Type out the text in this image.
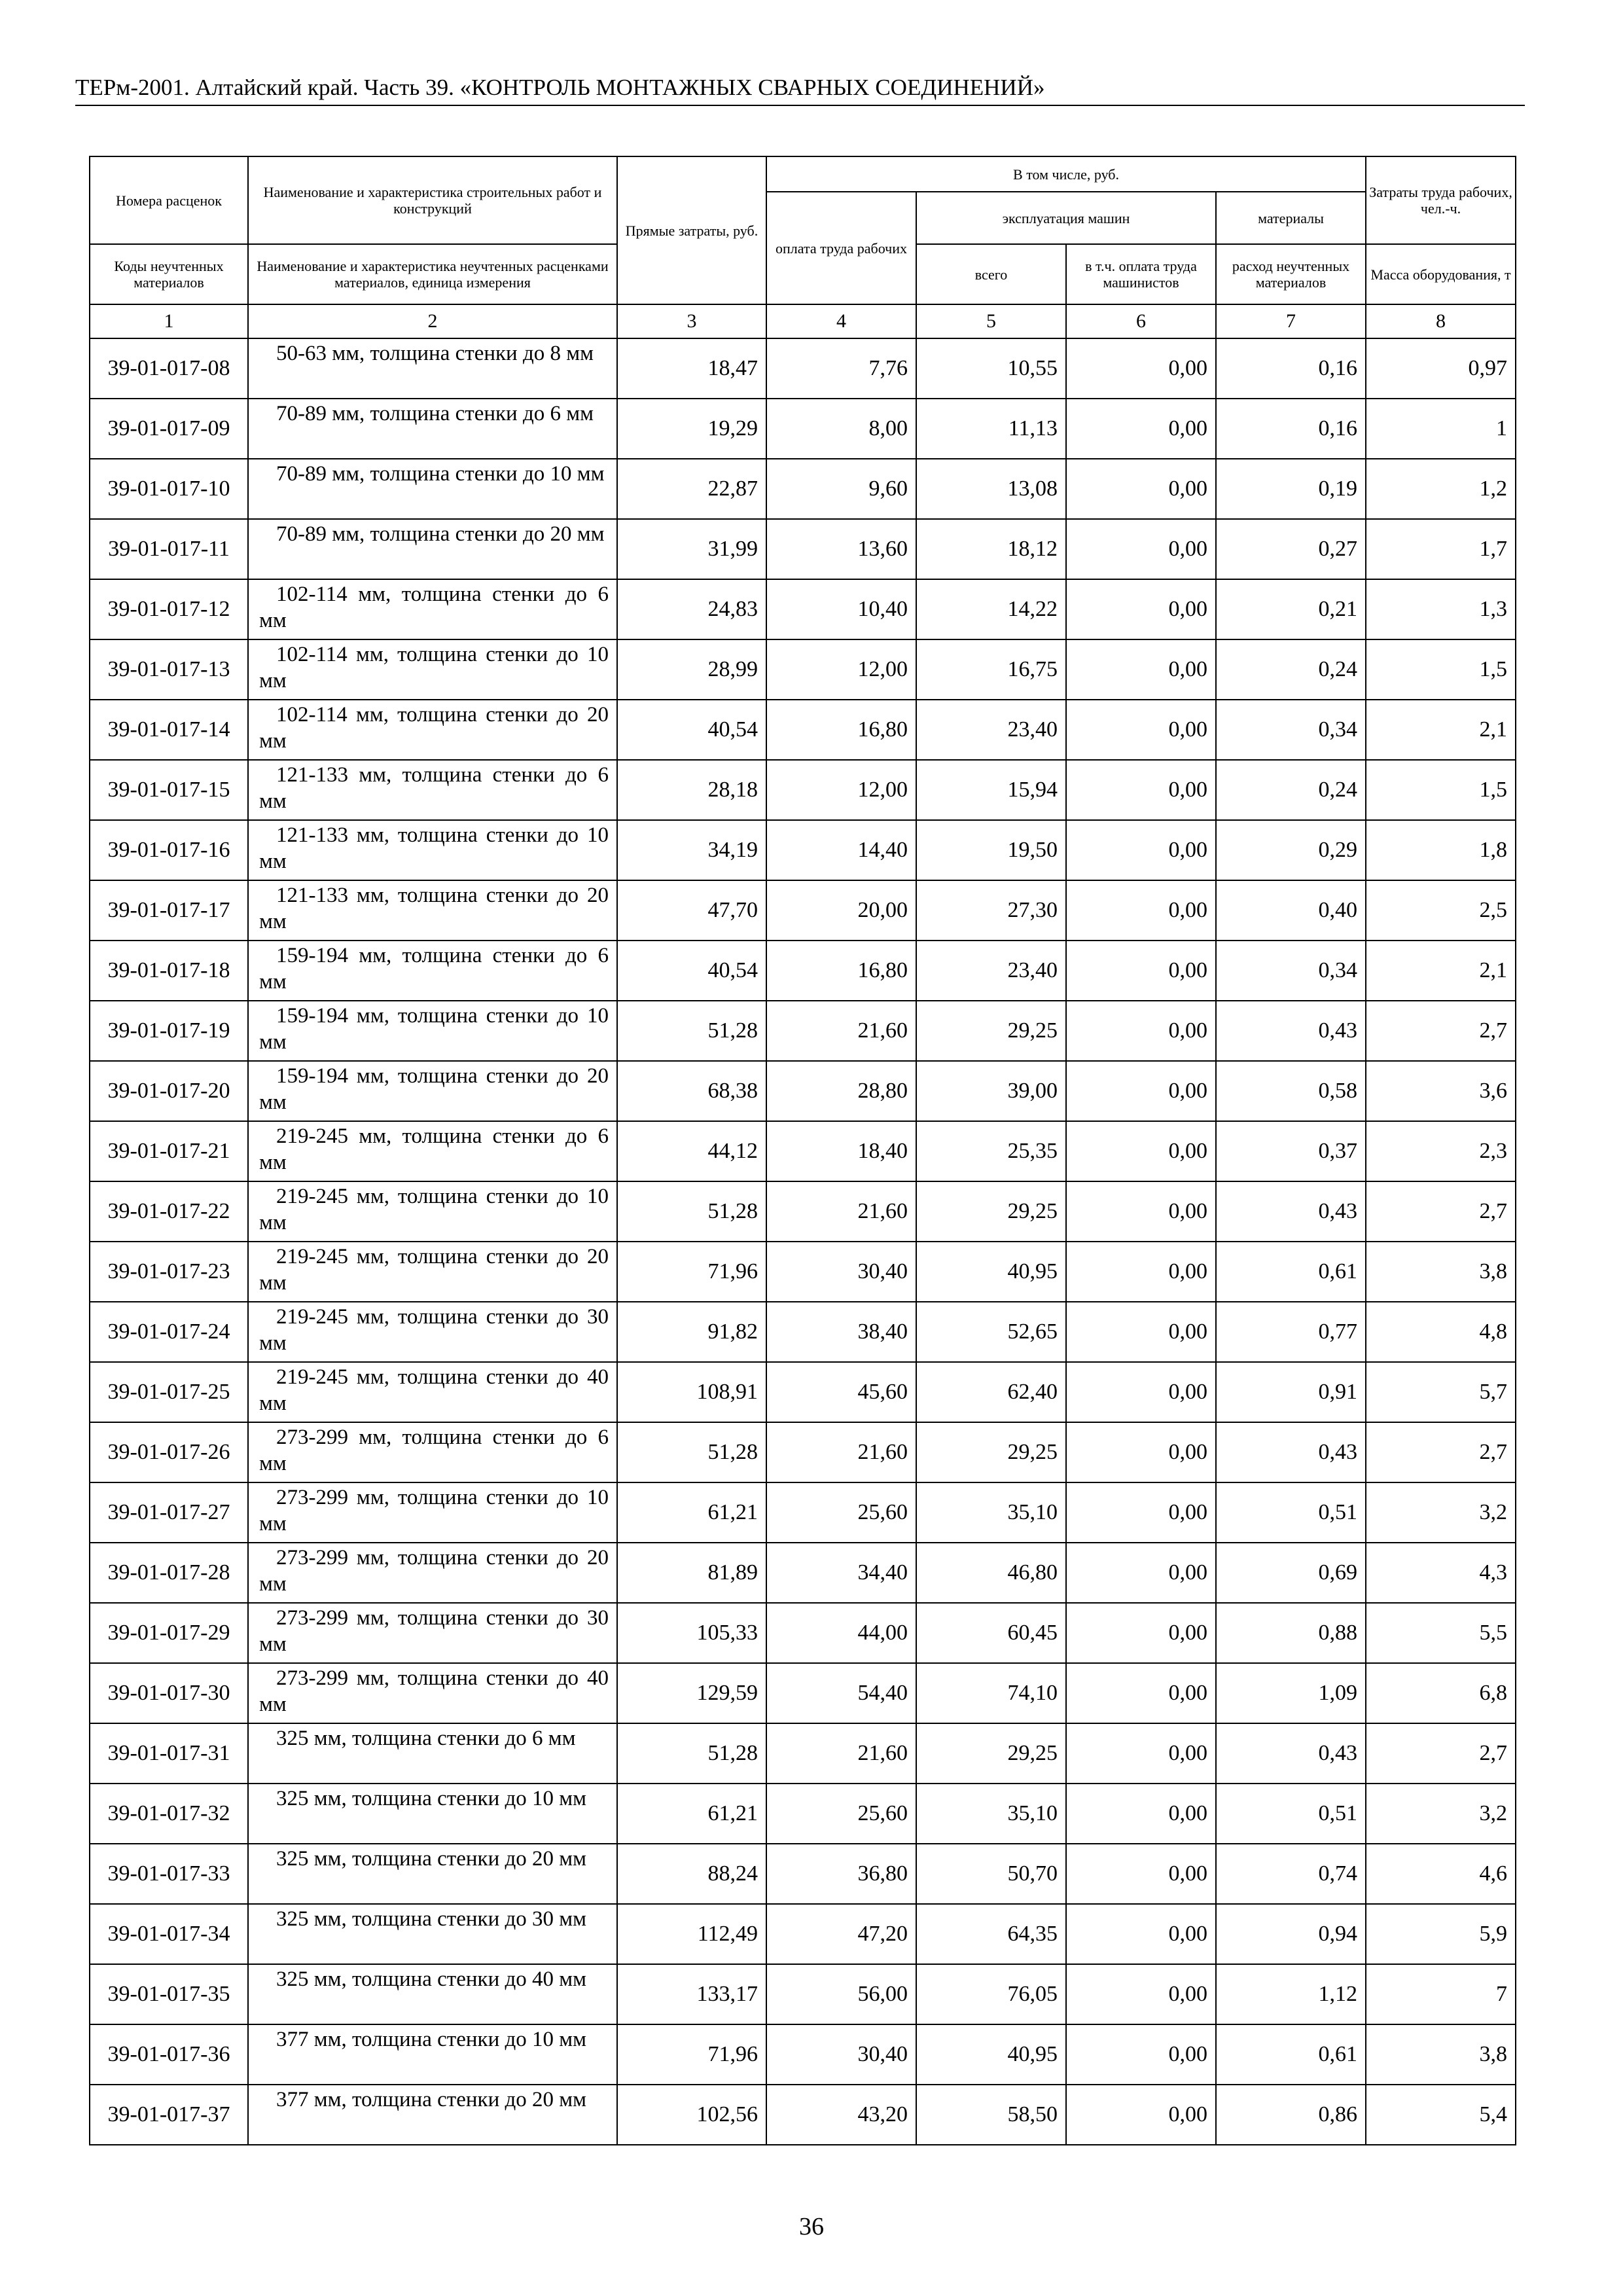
ТЕРм-2001. Алтайский край. Часть 39. «КОНТРОЛЬ МОНТАЖНЫХ СВАРНЫХ СОЕДИНЕНИЙ»
Номера расценок	Наименование и характеристика строительных работ и конструкций	Прямые затраты, руб.	В том числе, руб.				Затраты труда рабочих, чел.-ч.
			оплата труда рабочих	эксплуатация машин		материалы	
Коды неучтенных материалов	Наименование и характеристика неучтенных расценками материалов, единица измерения			всего	в т.ч. оплата труда машинистов	расход неучтенных материалов	Масса оборудования, т
1	2	3	4	5	6	7	8
39-01-017-08	50-63 мм, толщина стенки до 8 мм	18,47	7,76	10,55	0,00	0,16	0,97
39-01-017-09	70-89 мм, толщина стенки до 6 мм	19,29	8,00	11,13	0,00	0,16	1
39-01-017-10	70-89 мм, толщина стенки до 10 мм	22,87	9,60	13,08	0,00	0,19	1,2
39-01-017-11	70-89 мм, толщина стенки до 20 мм	31,99	13,60	18,12	0,00	0,27	1,7
39-01-017-12	102-114 мм, толщина стенки до 6 мм	24,83	10,40	14,22	0,00	0,21	1,3
39-01-017-13	102-114 мм, толщина стенки до 10 мм	28,99	12,00	16,75	0,00	0,24	1,5
39-01-017-14	102-114 мм, толщина стенки до 20 мм	40,54	16,80	23,40	0,00	0,34	2,1
39-01-017-15	121-133 мм, толщина стенки до 6 мм	28,18	12,00	15,94	0,00	0,24	1,5
39-01-017-16	121-133 мм, толщина стенки до 10 мм	34,19	14,40	19,50	0,00	0,29	1,8
39-01-017-17	121-133 мм, толщина стенки до 20 мм	47,70	20,00	27,30	0,00	0,40	2,5
39-01-017-18	159-194 мм, толщина стенки до 6 мм	40,54	16,80	23,40	0,00	0,34	2,1
39-01-017-19	159-194 мм, толщина стенки до 10 мм	51,28	21,60	29,25	0,00	0,43	2,7
39-01-017-20	159-194 мм, толщина стенки до 20 мм	68,38	28,80	39,00	0,00	0,58	3,6
39-01-017-21	219-245 мм, толщина стенки до 6 мм	44,12	18,40	25,35	0,00	0,37	2,3
39-01-017-22	219-245 мм, толщина стенки до 10 мм	51,28	21,60	29,25	0,00	0,43	2,7
39-01-017-23	219-245 мм, толщина стенки до 20 мм	71,96	30,40	40,95	0,00	0,61	3,8
39-01-017-24	219-245 мм, толщина стенки до 30 мм	91,82	38,40	52,65	0,00	0,77	4,8
39-01-017-25	219-245 мм, толщина стенки до 40 мм	108,91	45,60	62,40	0,00	0,91	5,7
39-01-017-26	273-299 мм, толщина стенки до 6 мм	51,28	21,60	29,25	0,00	0,43	2,7
39-01-017-27	273-299 мм, толщина стенки до 10 мм	61,21	25,60	35,10	0,00	0,51	3,2
39-01-017-28	273-299 мм, толщина стенки до 20 мм	81,89	34,40	46,80	0,00	0,69	4,3
39-01-017-29	273-299 мм, толщина стенки до 30 мм	105,33	44,00	60,45	0,00	0,88	5,5
39-01-017-30	273-299 мм, толщина стенки до 40 мм	129,59	54,40	74,10	0,00	1,09	6,8
39-01-017-31	325 мм, толщина стенки до 6 мм	51,28	21,60	29,25	0,00	0,43	2,7
39-01-017-32	325 мм, толщина стенки до 10 мм	61,21	25,60	35,10	0,00	0,51	3,2
39-01-017-33	325 мм, толщина стенки до 20 мм	88,24	36,80	50,70	0,00	0,74	4,6
39-01-017-34	325 мм, толщина стенки до 30 мм	112,49	47,20	64,35	0,00	0,94	5,9
39-01-017-35	325 мм, толщина стенки до 40 мм	133,17	56,00	76,05	0,00	1,12	7
39-01-017-36	377 мм, толщина стенки до 10 мм	71,96	30,40	40,95	0,00	0,61	3,8
39-01-017-37	377 мм, толщина стенки до 20 мм	102,56	43,20	58,50	0,00	0,86	5,4
36
